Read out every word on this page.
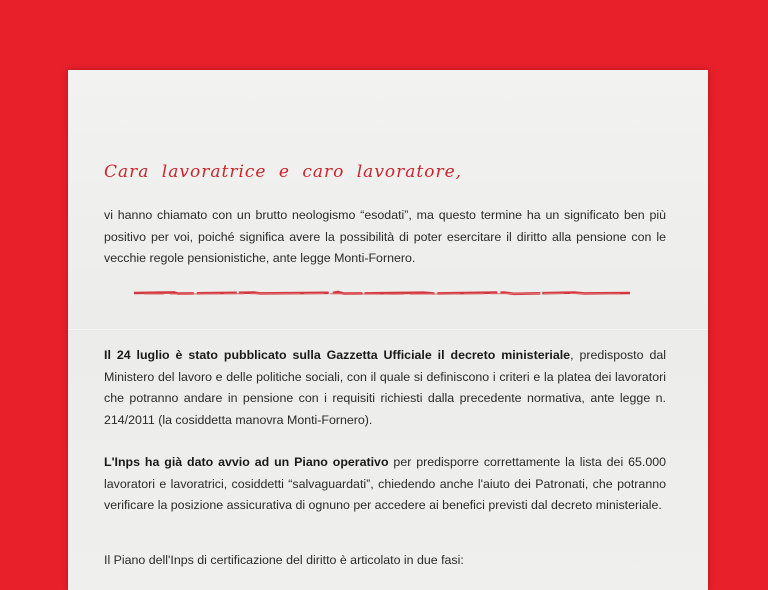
Cara lavoratrice e caro lavoratore,

vi hanno chiamato con un brutto neologismo “esodati”, ma questo termine ha un significato ben più positivo per voi, poiché significa avere la possibilità di poter esercitare il diritto alla pensione con le vecchie regole pensionistiche, ante legge Monti-Fornero.

Il 24 luglio è stato pubblicato sulla Gazzetta Ufficiale il decreto ministeriale, predisposto dal Ministero del lavoro e delle politiche sociali, con il quale si definiscono i criteri e la platea dei lavoratori che potranno andare in pensione con i requisiti richiesti dalla precedente normativa, ante legge n. 214/2011 (la cosiddetta manovra Monti-Fornero).

L'Inps ha già dato avvio ad un Piano operativo per predisporre correttamente la lista dei 65.000 lavoratori e lavoratrici, cosiddetti “salvaguardati”, chiedendo anche l'aiuto dei Patronati, che potranno verificare la posizione assicurativa di ognuno per accedere ai benefici previsti dal decreto ministeriale.

Il Piano dell'Inps di certificazione del diritto è articolato in due fasi:
